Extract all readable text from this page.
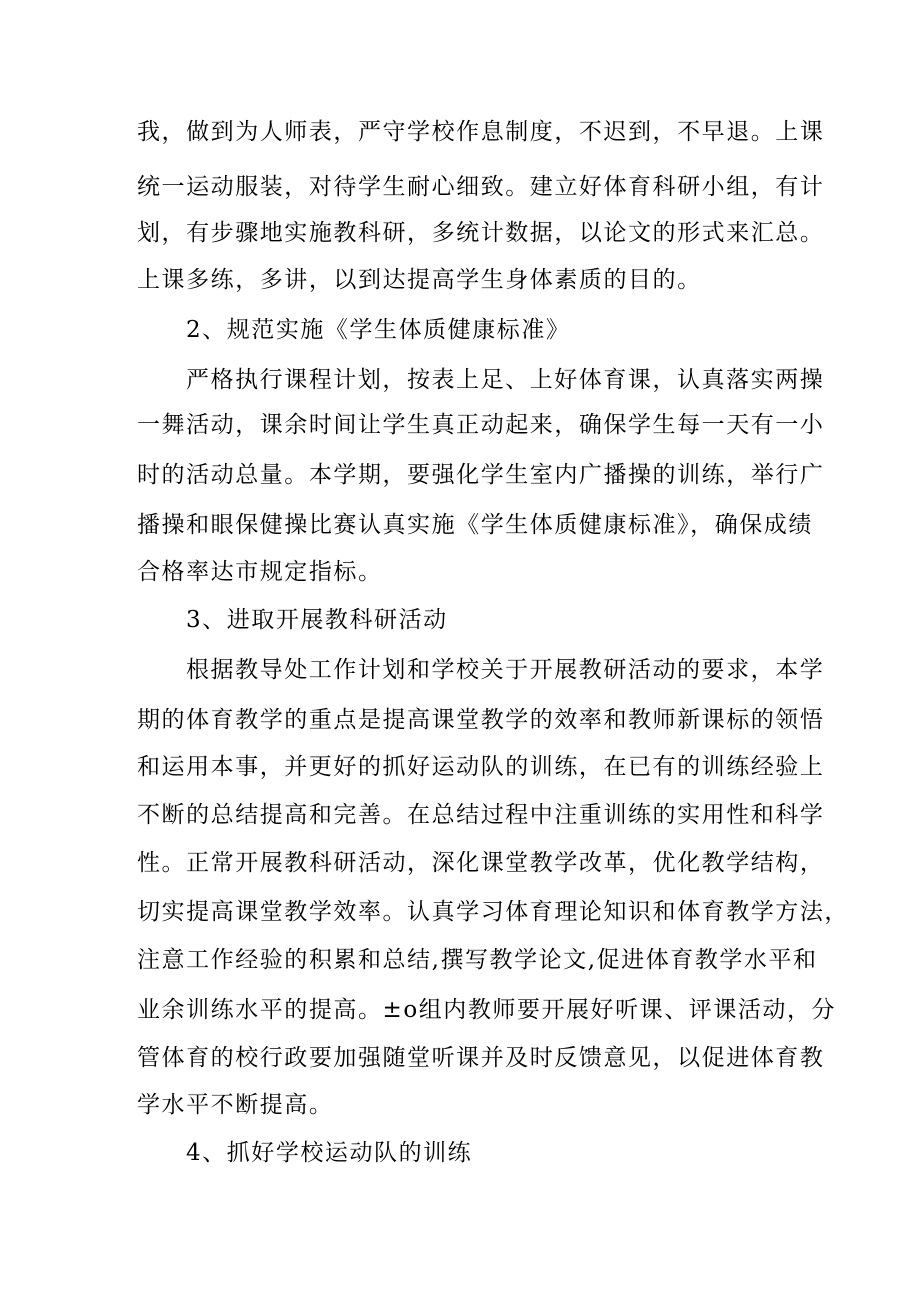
我，做到为人师表，严守学校作息制度，不迟到，不早退。上课
统一运动服装，对待学生耐心细致。建立好体育科研小组，有计
划，有步骤地实施教科研，多统计数据，以论文的形式来汇总。
上课多练，多讲，以到达提高学生身体素质的目的。
2、规范实施《学生体质健康标准》
严格执行课程计划，按表上足、上好体育课，认真落实两操
一舞活动，课余时间让学生真正动起来，确保学生每一天有一小
时的活动总量。本学期，要强化学生室内广播操的训练，举行广
播操和眼保健操比赛认真实施《学生体质健康标准》，确保成绩
合格率达市规定指标。
3、进取开展教科研活动
根据教导处工作计划和学校关于开展教研活动的要求，本学
期的体育教学的重点是提高课堂教学的效率和教师新课标的领悟
和运用本事，并更好的抓好运动队的训练，在已有的训练经验上
不断的总结提高和完善。在总结过程中注重训练的实用性和科学
性。正常开展教科研活动，深化课堂教学改革，优化教学结构，
切实提高课堂教学效率。认真学习体育理论知识和体育教学方法，
注意工作经验的积累和总结,撰写教学论文,促进体育教学水平和
业余训练水平的提高。±o组内教师要开展好听课、评课活动，分
管体育的校行政要加强随堂听课并及时反馈意见，以促进体育教
学水平不断提高。
4、抓好学校运动队的训练
